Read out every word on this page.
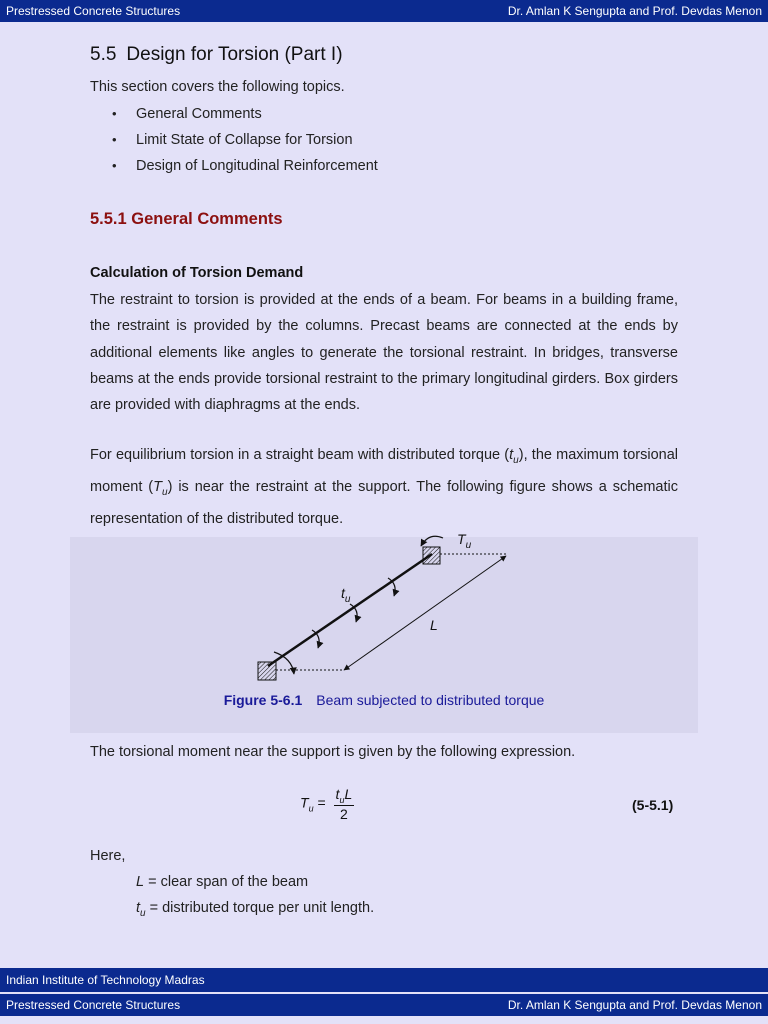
Prestressed Concrete Structures	Dr. Amlan K Sengupta and Prof. Devdas Menon
5.5 Design for Torsion (Part I)
This section covers the following topics.
• General Comments
• Limit State of Collapse for Torsion
• Design of Longitudinal Reinforcement
5.5.1 General Comments
Calculation of Torsion Demand
The restraint to torsion is provided at the ends of a beam. For beams in a building frame, the restraint is provided by the columns. Precast beams are connected at the ends by additional elements like angles to generate the torsional restraint. In bridges, transverse beams at the ends provide torsional restraint to the primary longitudinal girders. Box girders are provided with diaphragms at the ends.
For equilibrium torsion in a straight beam with distributed torque $(t_u)$, the maximum torsional moment $(T_u)$ is near the restraint at the support. The following figure shows a schematic representation of the distributed torque.
$T_u$
$t_u$
L
Figure 5-6.1 Beam subjected to distributed torque
The torsional moment near the support is given by the following expression.
$T_u = \frac{t_uL}{2}$	(5-5.1)
Here,
L = clear span of the beam
$t_u$ = distributed torque per unit length.
Indian Institute of Technology Madras
Prestressed Concrete Structures	Dr. Amlan K Sengupta and Prof. Devdas Menon
